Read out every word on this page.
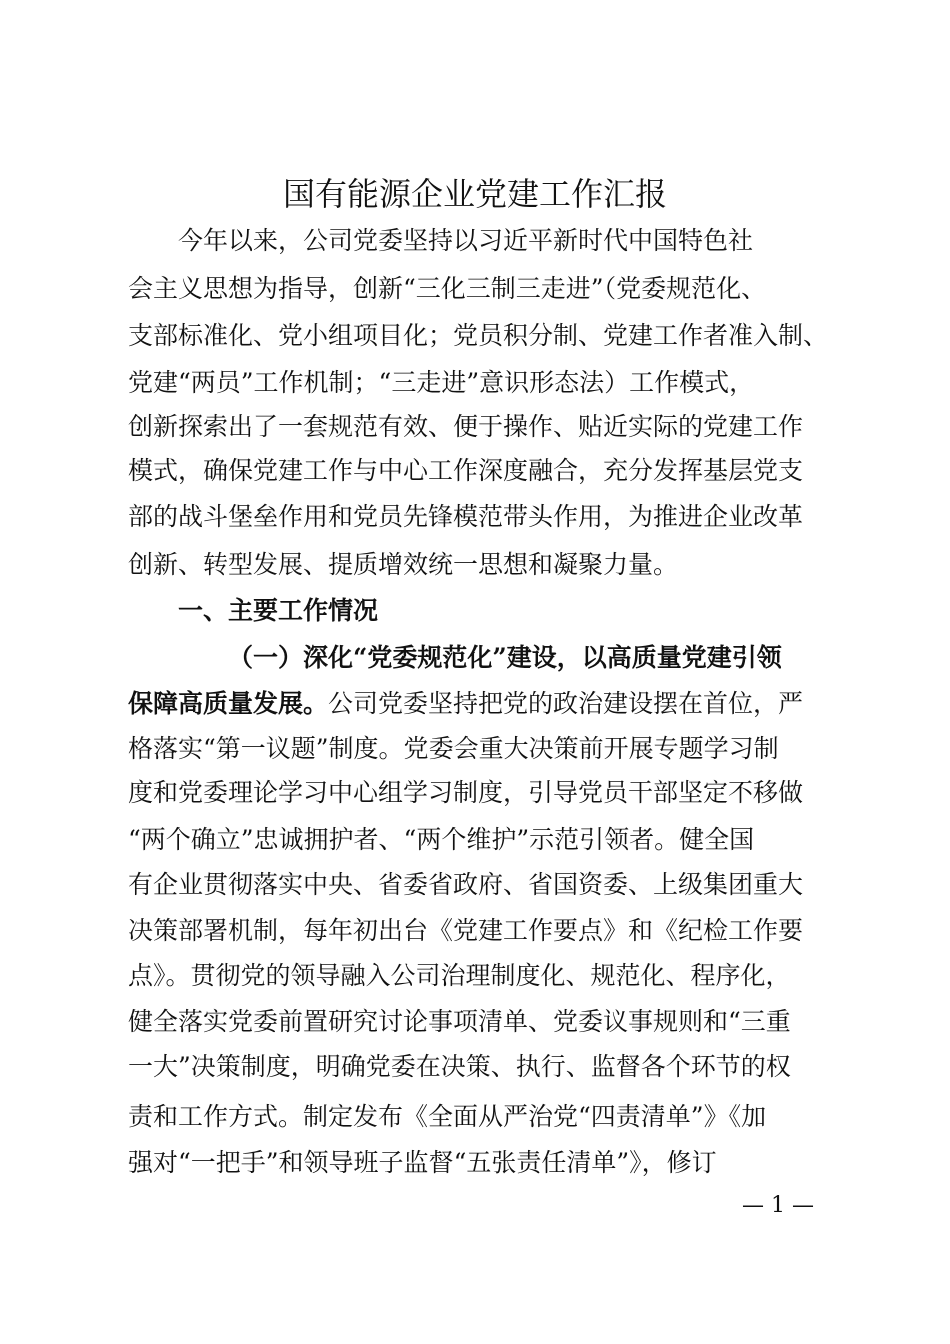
国有能源企业党建工作汇报

今年以来，公司党委坚持以习近平新时代中国特色社

会主义思想为指导，创新“三化三制三走进”（党委规范化、

支部标准化、党小组项目化；党员积分制、党建工作者准入制、

党建“两员”工作机制；“三走进”意识形态法）工作模式，

创新探索出了一套规范有效、便于操作、贴近实际的党建工作

模式，确保党建工作与中心工作深度融合，充分发挥基层党支

部的战斗堡垒作用和党员先锋模范带头作用，为推进企业改革

创新、转型发展、提质增效统一思想和凝聚力量。

一、主要工作情况

（一）深化“党委规范化”建设，以高质量党建引领

保障高质量发展。公司党委坚持把党的政治建设摆在首位，严

格落实“第一议题”制度。党委会重大决策前开展专题学习制

度和党委理论学习中心组学习制度，引导党员干部坚定不移做

“两个确立”忠诚拥护者、“两个维护”示范引领者。健全国

有企业贯彻落实中央、省委省政府、省国资委、上级集团重大

决策部署机制，每年初出台《党建工作要点》和《纪检工作要

点》。贯彻党的领导融入公司治理制度化、规范化、程序化，

健全落实党委前置研究讨论事项清单、党委议事规则和“三重

一大”决策制度，明确党委在决策、执行、监督各个环节的权

责和工作方式。制定发布《全面从严治党“四责清单”》《加

强对“一把手”和领导班子监督“五张责任清单”》，修订

— 1 —
